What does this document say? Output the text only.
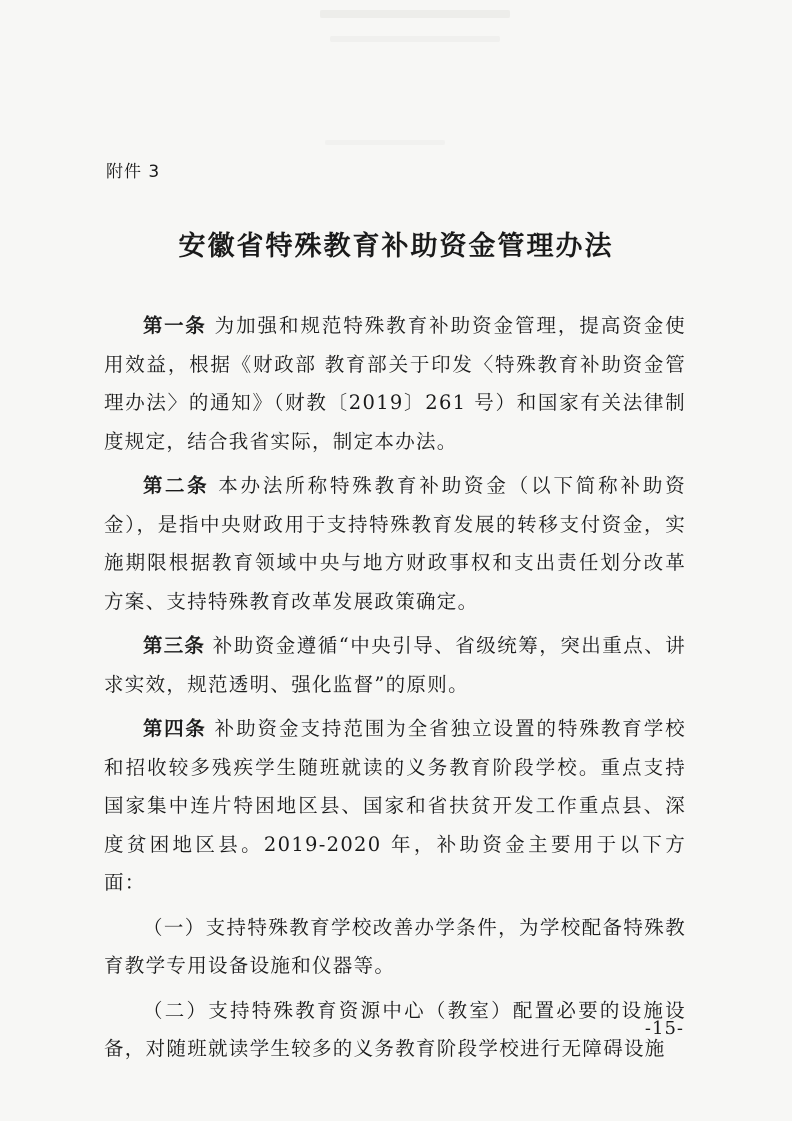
附件 3
安徽省特殊教育补助资金管理办法

第一条 为加强和规范特殊教育补助资金管理，提高资金使用效益，根据《财政部 教育部关于印发〈特殊教育补助资金管理办法〉的通知》（财教〔2019〕261 号）和国家有关法律制度规定，结合我省实际，制定本办法。

第二条 本办法所称特殊教育补助资金（以下简称补助资金），是指中央财政用于支持特殊教育发展的转移支付资金，实施期限根据教育领域中央与地方财政事权和支出责任划分改革方案、支持特殊教育改革发展政策确定。

第三条 补助资金遵循“中央引导、省级统筹，突出重点、讲求实效，规范透明、强化监督”的原则。

第四条 补助资金支持范围为全省独立设置的特殊教育学校和招收较多残疾学生随班就读的义务教育阶段学校。重点支持国家集中连片特困地区县、国家和省扶贫开发工作重点县、深度贫困地区县。2019-2020 年，补助资金主要用于以下方面：

（一）支持特殊教育学校改善办学条件，为学校配备特殊教育教学专用设备设施和仪器等。

（二）支持特殊教育资源中心（教室）配置必要的设施设备，对随班就读学生较多的义务教育阶段学校进行无障碍设施

-15-
